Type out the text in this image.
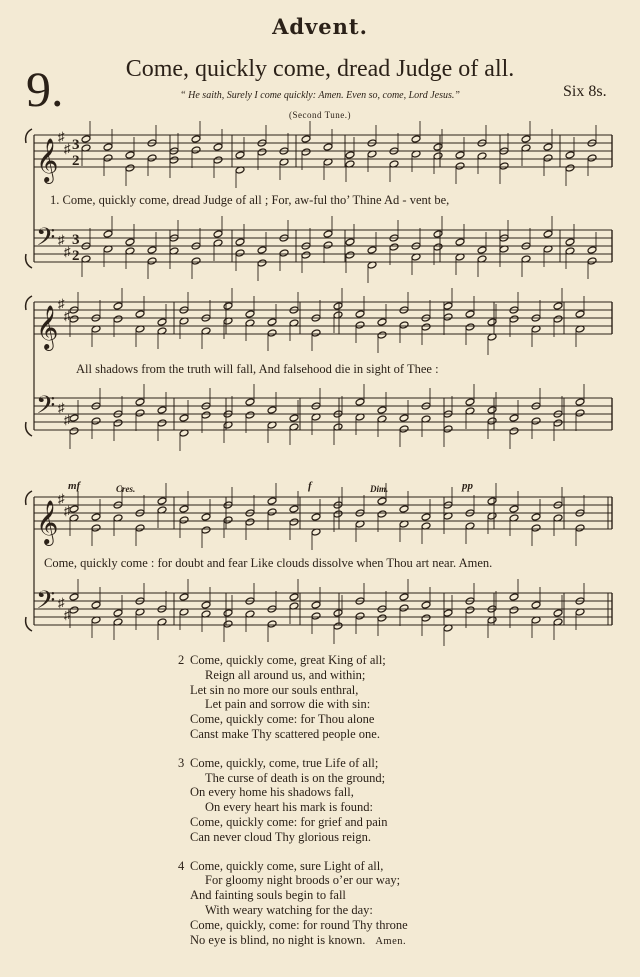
Advent.
9.	Come, quickly come, dread Judge of all.
Six 8s.
“ He saith, Surely I come quickly: Amen. Even so, come, Lord Jesus.”
(Second Tune.)
𝄞
♯
♯ 3
2
𝄢 ♯
♯
3
2
𝄞
♯
♯
𝄢 ♯
♯
𝄞
♯
♯
𝄢 ♯
♯
1. Come, quickly come, dread Judge of all ; For, aw-ful tho’ Thine Ad - vent be,
All shadows from the truth will fall, And falsehood die in sight of Thee :
Come, quickly come : for doubt and fear Like clouds dissolve when Thou art near. Amen.
mf	Cres.	f	Dim.	pp
2 Come, quickly come, great King of all;
Reign all around us, and within;
Let sin no more our souls enthral,
Let pain and sorrow die with sin:
Come, quickly come: for Thou alone
Canst make Thy scattered people one.
3 Come, quickly, come, true Life of all;
The curse of death is on the ground;
On every home his shadows fall,
On every heart his mark is found:
Come, quickly come: for grief and pain
Can never cloud Thy glorious reign.
4 Come, quickly come, sure Light of all,
For gloomy night broods o’er our way;
And fainting souls begin to fall
With weary watching for the day:
Come, quickly, come: for round Thy throne
No eye is blind, no night is known. Amen.
